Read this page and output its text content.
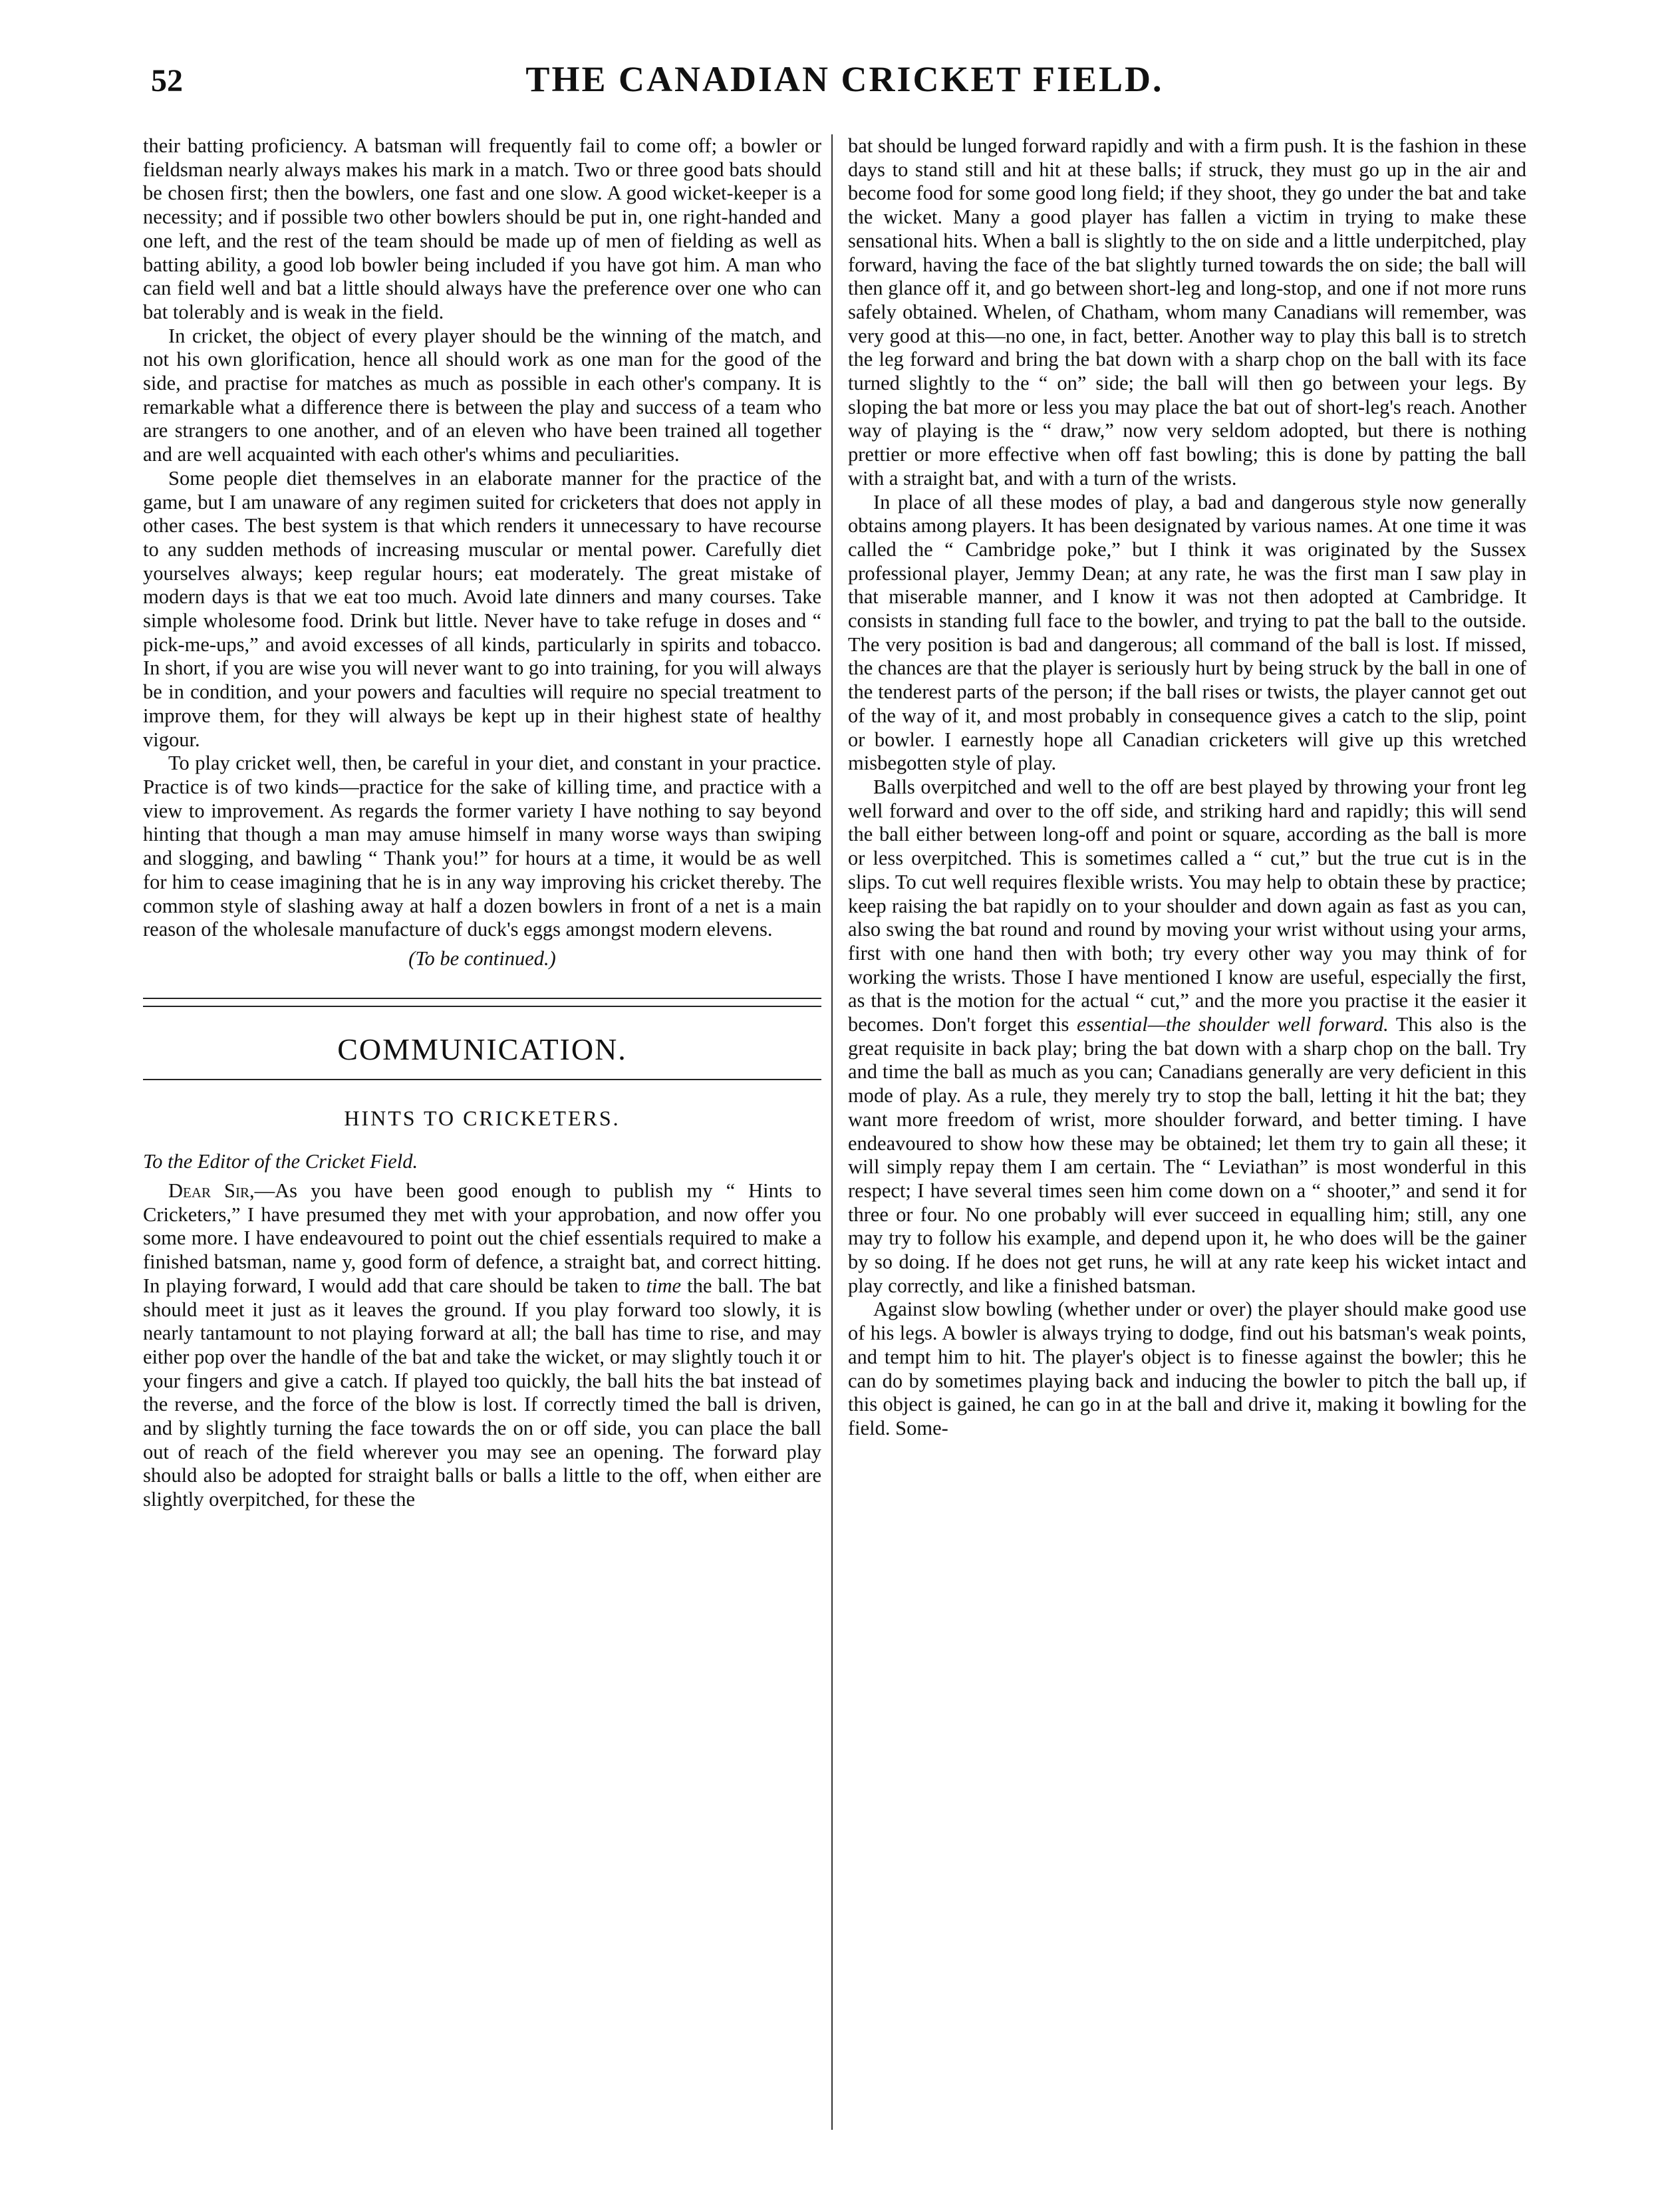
52	THE CANADIAN CRICKET FIELD.

their batting proficiency. A batsman will frequently fail to come off; a bowler or fieldsman nearly always makes his mark in a match. Two or three good bats should be chosen first; then the bowlers, one fast and one slow. A good wicket-keeper is a necessity; and if possible two other bowlers should be put in, one right-handed and one left, and the rest of the team should be made up of men of fielding as well as batting ability, a good lob bowler being included if you have got him. A man who can field well and bat a little should always have the preference over one who can bat tolerably and is weak in the field.

In cricket, the object of every player should be the winning of the match, and not his own glorification, hence all should work as one man for the good of the side, and practise for matches as much as possible in each other's company. It is remarkable what a difference there is between the play and success of a team who are strangers to one another, and of an eleven who have been trained all together and are well acquainted with each other's whims and peculiarities.

Some people diet themselves in an elaborate manner for the practice of the game, but I am unaware of any regimen suited for cricketers that does not apply in other cases. The best system is that which renders it unnecessary to have recourse to any sudden methods of increasing muscular or mental power. Carefully diet yourselves always; keep regular hours; eat moderately. The great mistake of modern days is that we eat too much. Avoid late dinners and many courses. Take simple wholesome food. Drink but little. Never have to take refuge in doses and “ pick-me-ups,” and avoid excesses of all kinds, particularly in spirits and tobacco. In short, if you are wise you will never want to go into training, for you will always be in condition, and your powers and faculties will require no special treatment to improve them, for they will always be kept up in their highest state of healthy vigour.

To play cricket well, then, be careful in your diet, and constant in your practice. Practice is of two kinds—practice for the sake of killing time, and practice with a view to improvement. As regards the former variety I have nothing to say beyond hinting that though a man may amuse himself in many worse ways than swiping and slogging, and bawling “ Thank you!” for hours at a time, it would be as well for him to cease imagining that he is in any way improving his cricket thereby. The common style of slashing away at half a dozen bowlers in front of a net is a main reason of the wholesale manufacture of duck's eggs amongst modern elevens.

(To be continued.)

COMMUNICATION.
HINTS TO CRICKETERS.

To the Editor of the Cricket Field.

Dear Sir,—As you have been good enough to publish my “ Hints to Cricketers,” I have presumed they met with your approbation, and now offer you some more. I have endeavoured to point out the chief essentials required to make a finished batsman, name y, good form of defence, a straight bat, and correct hitting. In playing forward, I would add that care should be taken to time the ball. The bat should meet it just as it leaves the ground. If you play forward too slowly, it is nearly tantamount to not playing forward at all; the ball has time to rise, and may either pop over the handle of the bat and take the wicket, or may slightly touch it or your fingers and give a catch. If played too quickly, the ball hits the bat instead of the reverse, and the force of the blow is lost. If correctly timed the ball is driven, and by slightly turning the face towards the on or off side, you can place the ball out of reach of the field wherever you may see an opening. The forward play should also be adopted for straight balls or balls a little to the off, when either are slightly overpitched, for these the

bat should be lunged forward rapidly and with a firm push. It is the fashion in these days to stand still and hit at these balls; if struck, they must go up in the air and become food for some good long field; if they shoot, they go under the bat and take the wicket. Many a good player has fallen a victim in trying to make these sensational hits. When a ball is slightly to the on side and a little underpitched, play forward, having the face of the bat slightly turned towards the on side; the ball will then glance off it, and go between short-leg and long-stop, and one if not more runs safely obtained. Whelen, of Chatham, whom many Canadians will remember, was very good at this—no one, in fact, better. Another way to play this ball is to stretch the leg forward and bring the bat down with a sharp chop on the ball with its face turned slightly to the “ on” side; the ball will then go between your legs. By sloping the bat more or less you may place the bat out of short-leg's reach. Another way of playing is the “ draw,” now very seldom adopted, but there is nothing prettier or more effective when off fast bowling; this is done by patting the ball with a straight bat, and with a turn of the wrists.

In place of all these modes of play, a bad and dangerous style now generally obtains among players. It has been designated by various names. At one time it was called the “ Cambridge poke,” but I think it was originated by the Sussex professional player, Jemmy Dean; at any rate, he was the first man I saw play in that miserable manner, and I know it was not then adopted at Cambridge. It consists in standing full face to the bowler, and trying to pat the ball to the outside. The very position is bad and dangerous; all command of the ball is lost. If missed, the chances are that the player is seriously hurt by being struck by the ball in one of the tenderest parts of the person; if the ball rises or twists, the player cannot get out of the way of it, and most probably in consequence gives a catch to the slip, point or bowler. I earnestly hope all Canadian cricketers will give up this wretched misbegotten style of play.

Balls overpitched and well to the off are best played by throwing your front leg well forward and over to the off side, and striking hard and rapidly; this will send the ball either between long-off and point or square, according as the ball is more or less overpitched. This is sometimes called a “ cut,” but the true cut is in the slips. To cut well requires flexible wrists. You may help to obtain these by practice; keep raising the bat rapidly on to your shoulder and down again as fast as you can, also swing the bat round and round by moving your wrist without using your arms, first with one hand then with both; try every other way you may think of for working the wrists. Those I have mentioned I know are useful, especially the first, as that is the motion for the actual “ cut,” and the more you practise it the easier it becomes. Don't forget this essential—the shoulder well forward. This also is the great requisite in back play; bring the bat down with a sharp chop on the ball. Try and time the ball as much as you can; Canadians generally are very deficient in this mode of play. As a rule, they merely try to stop the ball, letting it hit the bat; they want more freedom of wrist, more shoulder forward, and better timing. I have endeavoured to show how these may be obtained; let them try to gain all these; it will simply repay them I am certain. The “ Leviathan” is most wonderful in this respect; I have several times seen him come down on a “ shooter,” and send it for three or four. No one probably will ever succeed in equalling him; still, any one may try to follow his example, and depend upon it, he who does will be the gainer by so doing. If he does not get runs, he will at any rate keep his wicket intact and play correctly, and like a finished batsman.

Against slow bowling (whether under or over) the player should make good use of his legs. A bowler is always trying to dodge, find out his batsman's weak points, and tempt him to hit. The player's object is to finesse against the bowler; this he can do by sometimes playing back and inducing the bowler to pitch the ball up, if this object is gained, he can go in at the ball and drive it, making it bowling for the field. Some-
